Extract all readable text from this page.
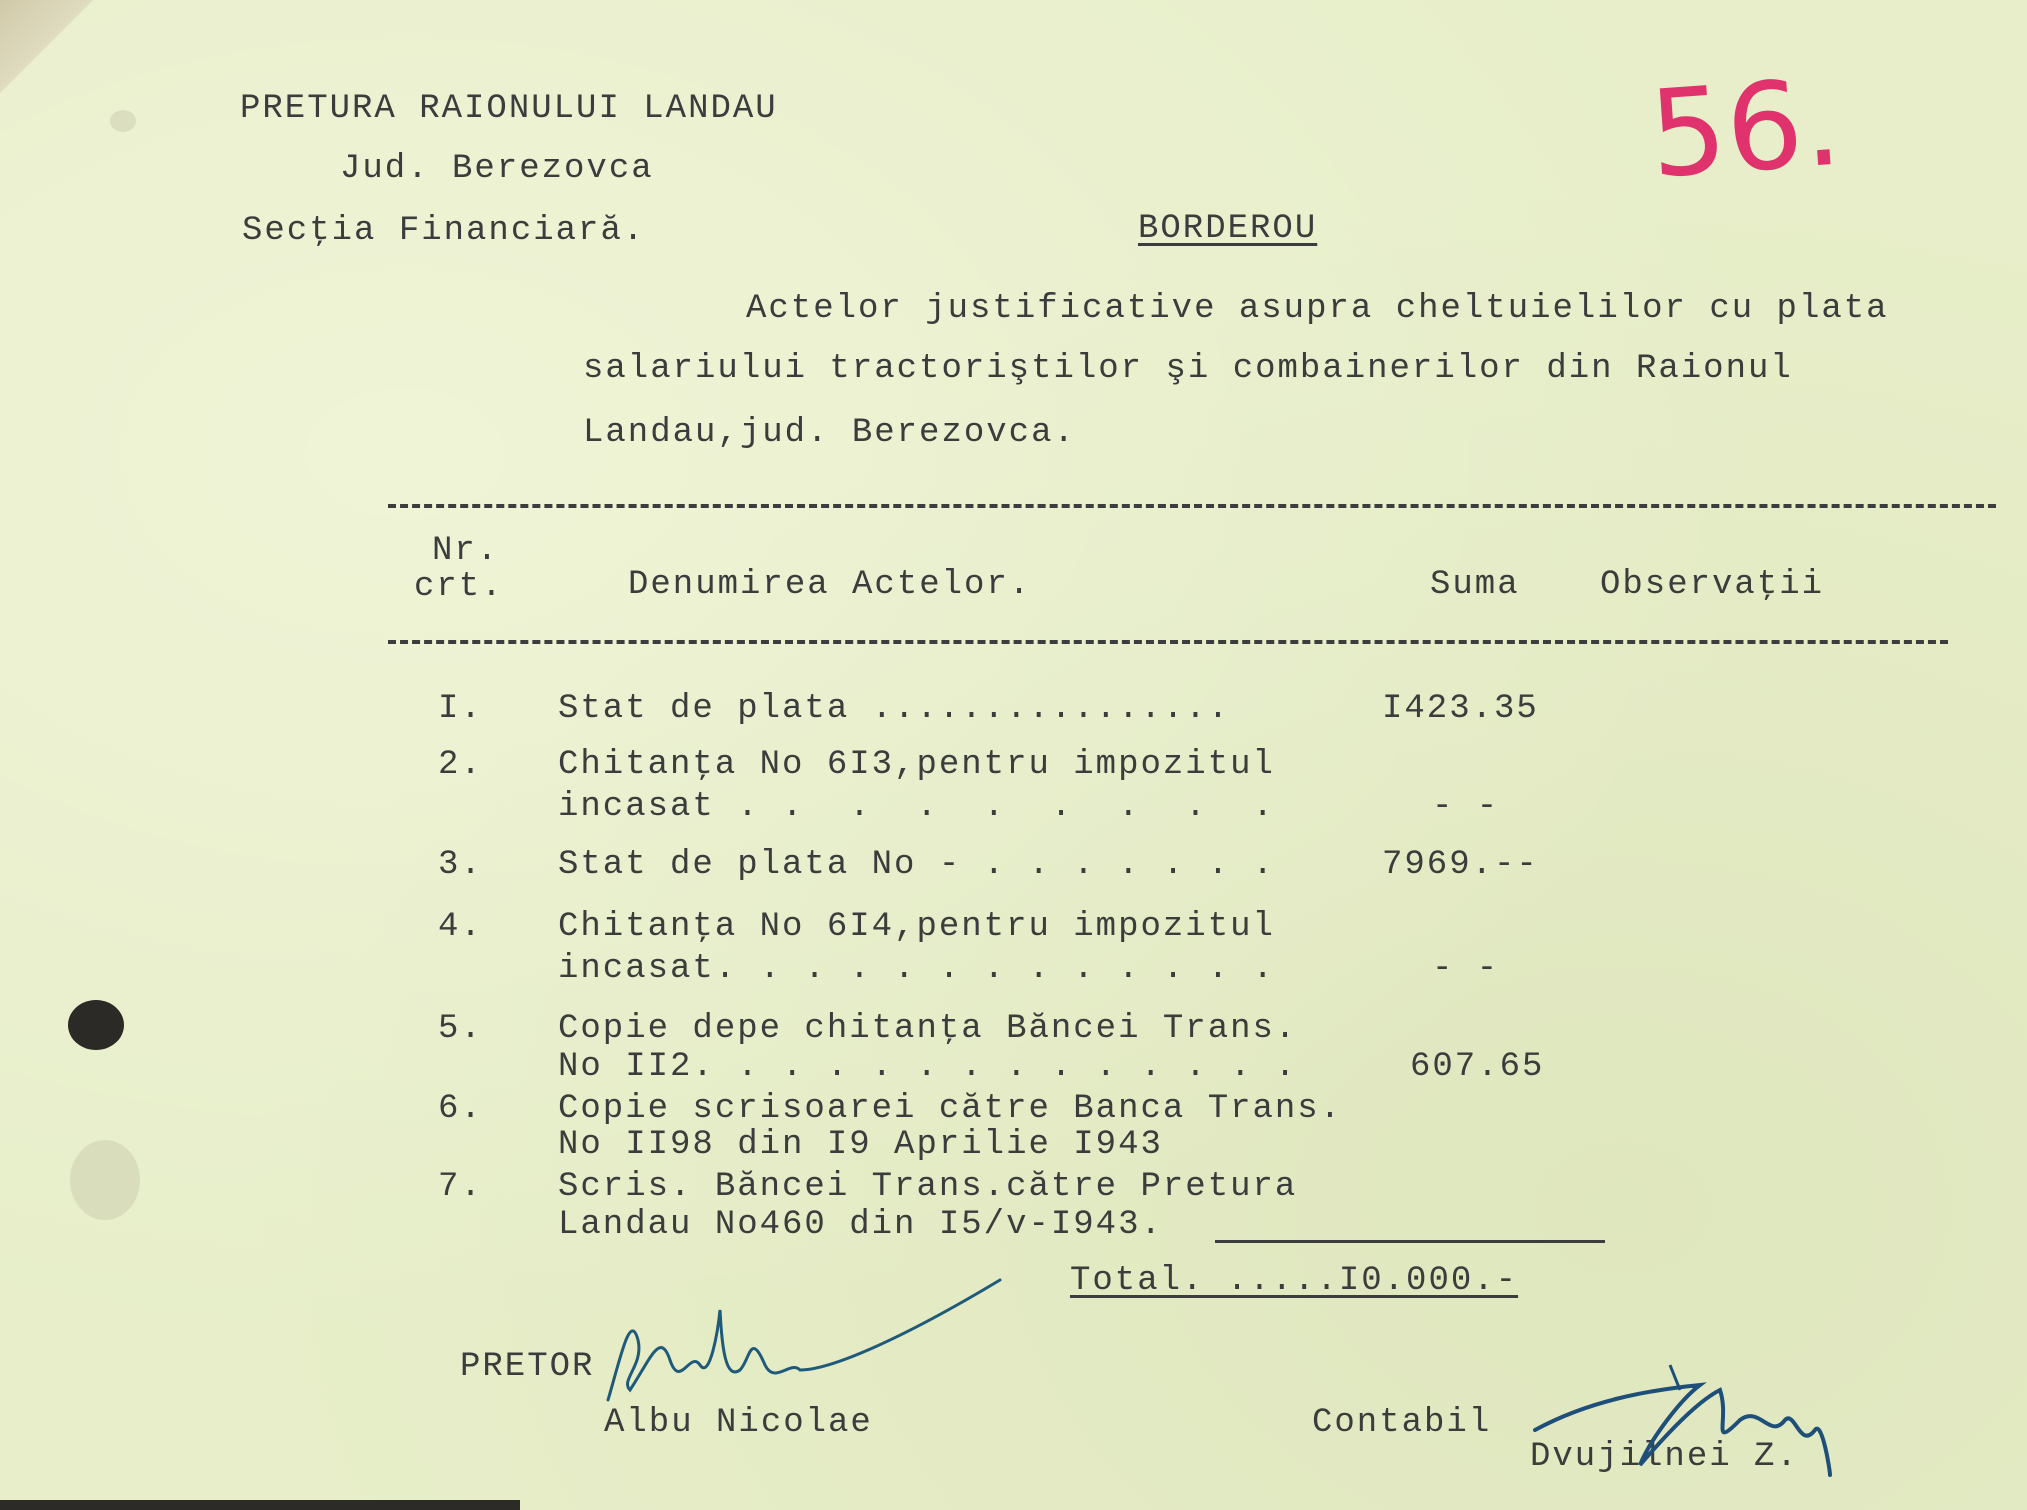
PRETURA RAIONULUI LANDAU
Jud. Berezovca
Secţia Financiară.
56.
BORDEROU
Actelor justificative asupra cheltuielilor cu plata
salariului tractoriştilor şi combainerilor din Raionul
Landau,jud. Berezovca.
Nr.
crt.	Denumirea Actelor.	Suma Observaţii
I. Stat de plata ................	I423.35
2. Chitanţa No 6I3,pentru impozitul
incasat . .  .  .  .  .  .  .  .	- -
3. Stat de plata No - . . . . . . .	7969.--
4. Chitanţa No 6I4,pentru impozitul
incasat. . . . . . . . . . . . .	- -
5. Copie depe chitanţa Băncei Trans.
No II2. . . . . . . . . . . . . .	607.65
6. Copie scrisoarei către Banca Trans.
No II98 din I9 Aprilie I943
7. Scris. Băncei Trans.către Pretura
Landau No460 din I5/v-I943.
Total. .....I0.000.-
PRETOR
Albu Nicolae	Contabil
Dvujilnei Z.
